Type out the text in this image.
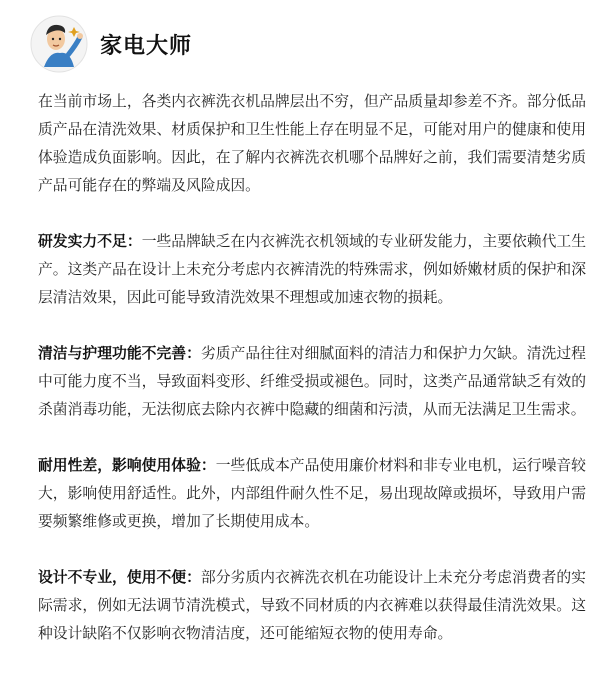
家电大师

在当前市场上，各类内衣裤洗衣机品牌层出不穷，但产品质量却参差不齐。部分低品质产品在清洗效果、材质保护和卫生性能上存在明显不足，可能对用户的健康和使用体验造成负面影响。因此，在了解内衣裤洗衣机哪个品牌好之前，我们需要清楚劣质产品可能存在的弊端及风险成因。

研发实力不足：一些品牌缺乏在内衣裤洗衣机领域的专业研发能力，主要依赖代工生产。这类产品在设计上未充分考虑内衣裤清洗的特殊需求，例如娇嫩材质的保护和深层清洁效果，因此可能导致清洗效果不理想或加速衣物的损耗。

清洁与护理功能不完善：劣质产品往往对细腻面料的清洁力和保护力欠缺。清洗过程中可能力度不当，导致面料变形、纤维受损或褪色。同时，这类产品通常缺乏有效的杀菌消毒功能，无法彻底去除内衣裤中隐藏的细菌和污渍，从而无法满足卫生需求。

耐用性差，影响使用体验：一些低成本产品使用廉价材料和非专业电机，运行噪音较大，影响使用舒适性。此外，内部组件耐久性不足，易出现故障或损坏，导致用户需要频繁维修或更换，增加了长期使用成本。

设计不专业，使用不便：部分劣质内衣裤洗衣机在功能设计上未充分考虑消费者的实际需求，例如无法调节清洗模式，导致不同材质的内衣裤难以获得最佳清洗效果。这种设计缺陷不仅影响衣物清洁度，还可能缩短衣物的使用寿命。
